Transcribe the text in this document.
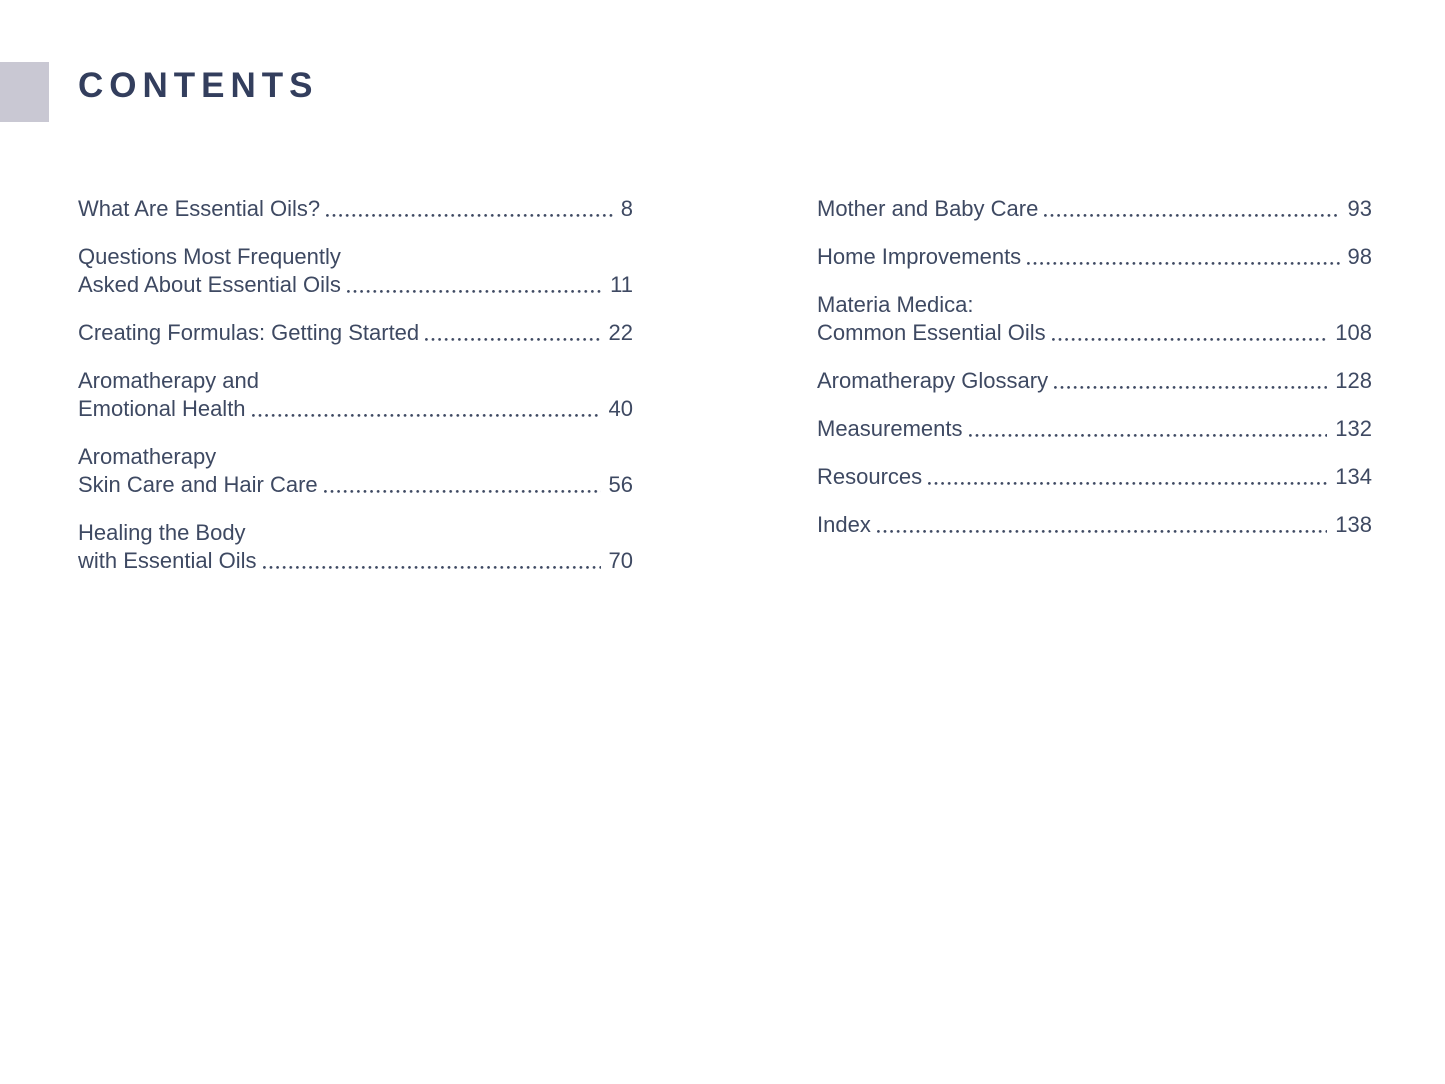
CONTENTS
What Are Essential Oils?	8
Questions Most Frequently
Asked About Essential Oils	11
Creating Formulas: Getting Started	22
Aromatherapy and
Emotional Health	40
Aromatherapy
Skin Care and Hair Care	56
Healing the Body
with Essential Oils	70
Mother and Baby Care	93
Home Improvements	98
Materia Medica:
Common Essential Oils	108
Aromatherapy Glossary	128
Measurements	132
Resources	134
Index	138
